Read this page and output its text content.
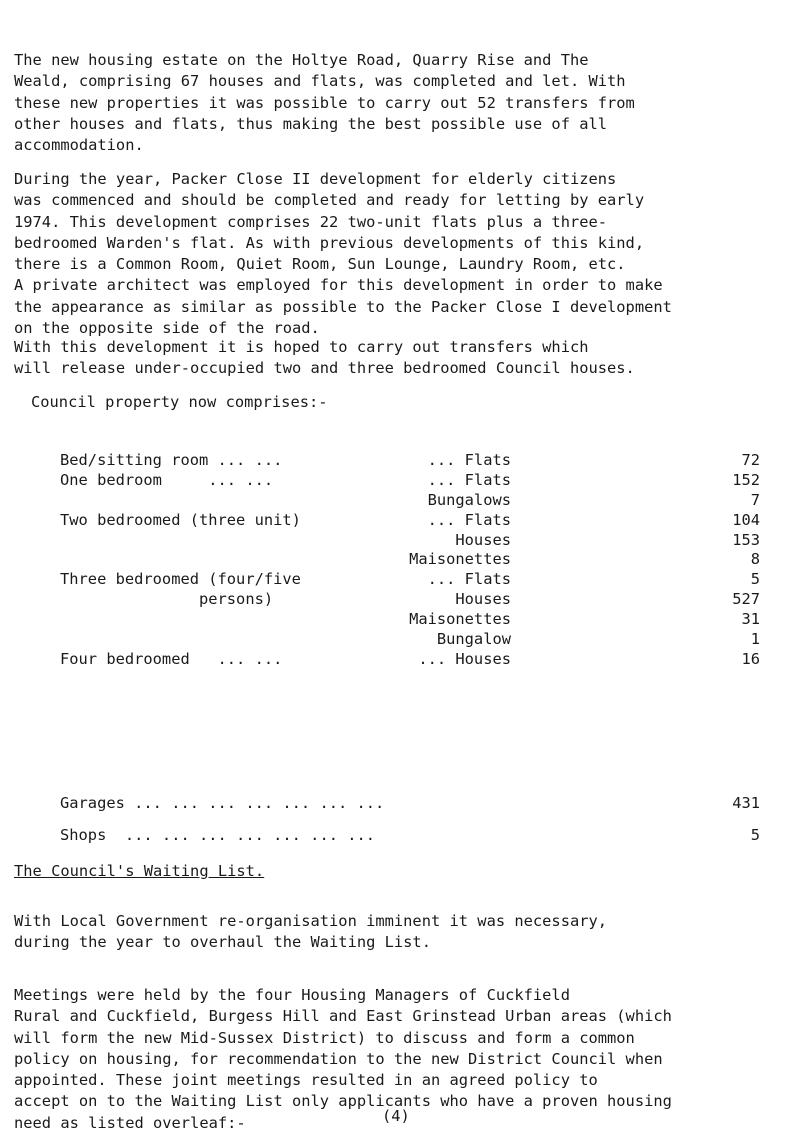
The new housing estate on the Holtye Road, Quarry Rise and The
Weald, comprising 67 houses and flats, was completed and let. With
these new properties it was possible to carry out 52 transfers from
other houses and flats, thus making the best possible use of all
accommodation.

During the year, Packer Close II development for elderly citizens
was commenced and should be completed and ready for letting by early
1974. This development comprises 22 two-unit flats plus a three-
bedroomed Warden's flat. As with previous developments of this kind,
there is a Common Room, Quiet Room, Sun Lounge, Laundry Room, etc.
A private architect was employed for this development in order to make
the appearance as similar as possible to the Packer Close I development
on the opposite side of the road.

With this development it is hoped to carry out transfers which
will release under-occupied two and three bedroomed Council houses.

Council property now comprises:-

Bed/sitting room ... ...	... Flats	72
One bedroom     ... ...	... Flats	152
Bungalows	7
Two bedroomed (three unit)	... Flats	104
Houses	153
Maisonettes	8
Three bedroomed (four/five	... Flats	5
persons)	Houses	527
Maisonettes	31
Bungalow	1
Four bedroomed   ... ...	... Houses	16
Garages ... ... ... ... ... ... ...	431
Shops  ... ... ... ... ... ... ...	5
The Council's Waiting List.

With Local Government re-organisation imminent it was necessary,
during the year to overhaul the Waiting List.

Meetings were held by the four Housing Managers of Cuckfield
Rural and Cuckfield, Burgess Hill and East Grinstead Urban areas (which
will form the new Mid-Sussex District) to discuss and form a common
policy on housing, for recommendation to the new District Council when
appointed. These joint meetings resulted in an agreed policy to
accept on to the Waiting List only applicants who have a proven housing
need as listed overleaf:-	(4)
